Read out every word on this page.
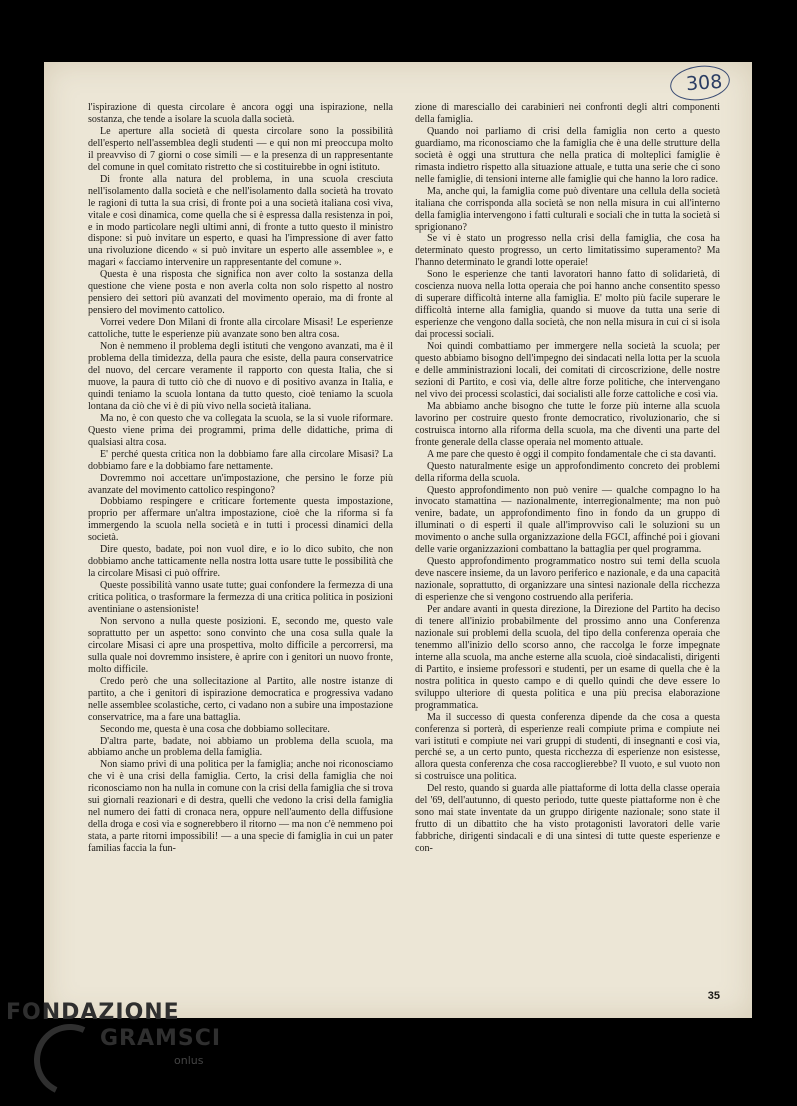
308

l'ispirazione di questa circolare è ancora oggi una ispirazione, nella sostanza, che tende a isolare la scuola dalla società.

Le aperture alla società di questa circolare sono la possibilità dell'esperto nell'assemblea degli studenti — e qui non mi preoccupa molto il preavviso di 7 giorni o cose simili — e la presenza di un rappresentante del comune in quel comitato ristretto che si costituirebbe in ogni istituto.

Di fronte alla natura del problema, in una scuola cresciuta nell'isolamento dalla società e che nell'isolamento dalla società ha trovato le ragioni di tutta la sua crisi, di fronte poi a una società italiana così viva, vitale e così dinamica, come quella che si è espressa dalla resistenza in poi, e in modo particolare negli ultimi anni, di fronte a tutto questo il ministro dispone: si può invitare un esperto, e quasi ha l'impressione di aver fatto una rivoluzione dicendo « si può invitare un esperto alle assemblee », e magari « facciamo intervenire un rappresentante del comune ».

Questa è una risposta che significa non aver colto la sostanza della questione che viene posta e non averla colta non solo rispetto al nostro pensiero dei settori più avanzati del movimento operaio, ma di fronte al pensiero del movimento cattolico.

Vorrei vedere Don Milani di fronte alla circolare Misasi! Le esperienze cattoliche, tutte le esperienze più avanzate sono ben altra cosa.

Non è nemmeno il problema degli istituti che vengono avanzati, ma è il problema della timidezza, della paura che esiste, della paura conservatrice del nuovo, del cercare veramente il rapporto con questa Italia, che si muove, la paura di tutto ciò che di nuovo e di positivo avanza in Italia, e quindi teniamo la scuola lontana da tutto questo, cioè teniamo la scuola lontana da ciò che vi è di più vivo nella società italiana.

Ma no, è con questo che va collegata la scuola, se la si vuole riformare. Questo viene prima dei programmi, prima delle didattiche, prima di qualsiasi altra cosa.

E' perché questa critica non la dobbiamo fare alla circolare Misasi? La dobbiamo fare e la dobbiamo fare nettamente.

Dovremmo noi accettare un'impostazione, che persino le forze più avanzate del movimento cattolico respingono?

Dobbiamo respingere e criticare fortemente questa impostazione, proprio per affermare un'altra impostazione, cioè che la riforma si fa immergendo la scuola nella società e in tutti i processi dinamici della società.

Dire questo, badate, poi non vuol dire, e io lo dico subito, che non dobbiamo anche tatticamente nella nostra lotta usare tutte le possibilità che la circolare Misasi ci può offrire.

Queste possibilità vanno usate tutte; guai confondere la fermezza di una critica politica, o trasformare la fermezza di una critica politica in posizioni aventiniane o astensioniste!

Non servono a nulla queste posizioni. E, secondo me, questo vale soprattutto per un aspetto: sono convinto che una cosa sulla quale la circolare Misasi ci apre una prospettiva, molto difficile a percorrersi, ma sulla quale noi dovremmo insistere, è aprire con i genitori un nuovo fronte, molto difficile.

Credo però che una sollecitazione al Partito, alle nostre istanze di partito, a che i genitori di ispirazione democratica e progressiva vadano nelle assemblee scolastiche, certo, ci vadano non a subire una impostazione conservatrice, ma a fare una battaglia.

Secondo me, questa è una cosa che dobbiamo sollecitare.

D'altra parte, badate, noi abbiamo un problema della scuola, ma abbiamo anche un problema della famiglia.

Non siamo privi di una politica per la famiglia; anche noi riconosciamo che vi è una crisi della famiglia. Certo, la crisi della famiglia che noi riconosciamo non ha nulla in comune con la crisi della famiglia che si trova sui giornali reazionari e di destra, quelli che vedono la crisi della famiglia nel numero dei fatti di cronaca nera, oppure nell'aumento della diffusione della droga e così via e sognerebbero il ritorno — ma non c'è nemmeno poi stata, a parte ritorni impossibili! — a una specie di famiglia in cui un pater familias faccia la fun-

zione di maresciallo dei carabinieri nei confronti degli altri componenti della famiglia.

Quando noi parliamo di crisi della famiglia non certo a questo guardiamo, ma riconosciamo che la famiglia che è una delle strutture della società è oggi una struttura che nella pratica di molteplici famiglie è rimasta indietro rispetto alla situazione attuale, e tutta una serie che ci sono nelle famiglie, di tensioni interne alle famiglie qui che hanno la loro radice.

Ma, anche qui, la famiglia come può diventare una cellula della società italiana che corrisponda alla società se non nella misura in cui all'interno della famiglia intervengono i fatti culturali e sociali che in tutta la società si sprigionano?

Se vi è stato un progresso nella crisi della famiglia, che cosa ha determinato questo progresso, un certo limitatissimo superamento? Ma l'hanno determinato le grandi lotte operaie!

Sono le esperienze che tanti lavoratori hanno fatto di solidarietà, di coscienza nuova nella lotta operaia che poi hanno anche consentito spesso di superare difficoltà interne alla famiglia. E' molto più facile superare le difficoltà interne alla famiglia, quando si muove da tutta una serie di esperienze che vengono dalla società, che non nella misura in cui ci si isola dai processi sociali.

Noi quindi combattiamo per immergere nella società la scuola; per questo abbiamo bisogno dell'impegno dei sindacati nella lotta per la scuola e delle amministrazioni locali, dei comitati di circoscrizione, delle nostre sezioni di Partito, e così via, delle altre forze politiche, che intervengano nel vivo dei processi scolastici, dai socialisti alle forze cattoliche e così via.

Ma abbiamo anche bisogno che tutte le forze più interne alla scuola lavorino per costruire questo fronte democratico, rivoluzionario, che si costruisca intorno alla riforma della scuola, ma che diventi una parte del fronte generale della classe operaia nel momento attuale.

A me pare che questo è oggi il compito fondamentale che ci sta davanti.

Questo naturalmente esige un approfondimento concreto dei problemi della riforma della scuola.

Questo approfondimento non può venire — qualche compagno lo ha invocato stamattina — nazionalmente, interregionalmente; ma non può venire, badate, un approfondimento fino in fondo da un gruppo di illuminati o di esperti il quale all'improvviso cali le soluzioni su un movimento o anche sulla organizzazione della FGCI, affinché poi i giovani delle varie organizzazioni combattano la battaglia per quel programma.

Questo approfondimento programmatico nostro sui temi della scuola deve nascere insieme, da un lavoro periferico e nazionale, e da una capacità nazionale, soprattutto, di organizzare una sintesi nazionale della ricchezza di esperienze che si vengono costruendo alla periferia.

Per andare avanti in questa direzione, la Direzione del Partito ha deciso di tenere all'inizio probabilmente del prossimo anno una Conferenza nazionale sui problemi della scuola, del tipo della conferenza operaia che tenemmo all'inizio dello scorso anno, che raccolga le forze impegnate interne alla scuola, ma anche esterne alla scuola, cioè sindacalisti, dirigenti di Partito, e insieme professori e studenti, per un esame di quella che è la nostra politica in questo campo e di quello quindi che deve essere lo sviluppo ulteriore di questa politica e una più precisa elaborazione programmatica.

Ma il successo di questa conferenza dipende da che cosa a questa conferenza si porterà, di esperienze reali compiute prima e compiute nei vari istituti e compiute nei vari gruppi di studenti, di insegnanti e così via, perché se, a un certo punto, questa ricchezza di esperienze non esistesse, allora questa conferenza che cosa raccoglierebbe? Il vuoto, e sul vuoto non si costruisce una politica.

Del resto, quando si guarda alle piattaforme di lotta della classe operaia del '69, dell'autunno, di questo periodo, tutte queste piattaforme non è che sono mai state inventate da un gruppo dirigente nazionale; sono state il frutto di un dibattito che ha visto protagonisti lavoratori delle varie fabbriche, dirigenti sindacali e di una sintesi di tutte queste esperienze e con-

35
FONDAZIONE
GRAMSCI
onlus
